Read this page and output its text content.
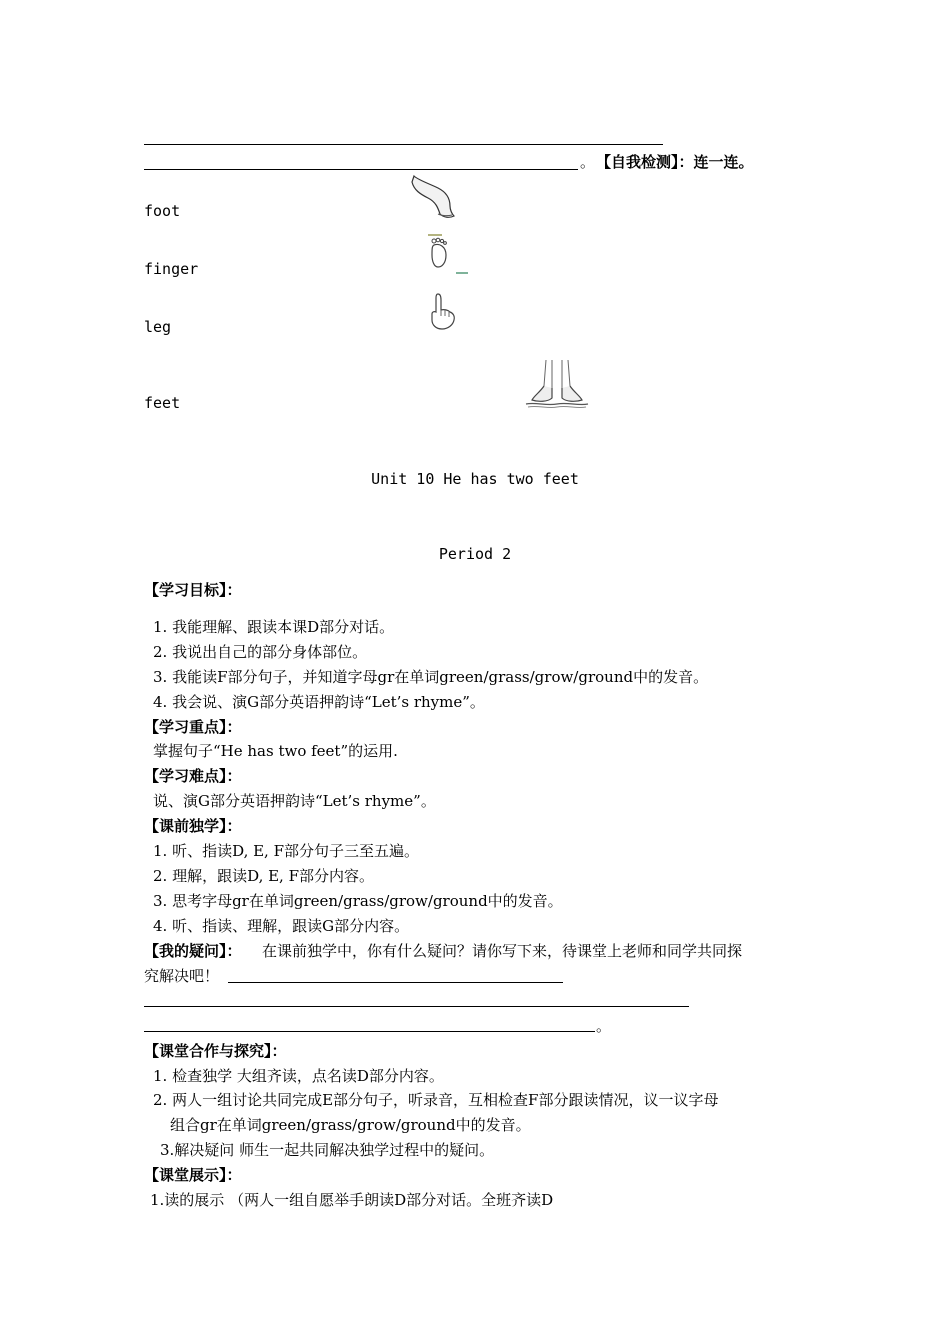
。 【自我检测】：连一连。
foot
finger
leg
feet
Unit 10 He has two feet
Period 2
【学习目标】：
1. 我能理解、跟读本课D部分对话。
2. 我说出自己的部分身体部位。
3. 我能读F部分句子，并知道字母gr在单词green/grass/grow/ground中的发音。
4. 我会说、演G部分英语押韵诗“Let’s rhyme”。
【学习重点】：
掌握句子“He has two feet”的运用.
【学习难点】：
说、演G部分英语押韵诗“Let’s rhyme”。
【课前独学】：
1. 听、指读D, E, F部分句子三至五遍。
2. 理解，跟读D, E, F部分内容。
3. 思考字母gr在单词green/grass/grow/ground中的发音。
4. 听、指读、理解，跟读G部分内容。
【我的疑问】： 在课前独学中，你有什么疑问？请你写下来，待课堂上老师和同学共同探
究解决吧！
。
【课堂合作与探究】：
1. 检查独学 大组齐读，点名读D部分内容。
2. 两人一组讨论共同完成E部分句子，听录音，互相检查F部分跟读情况，议一议字母
组合gr在单词green/grass/grow/ground中的发音。
3.解决疑问 师生一起共同解决独学过程中的疑问。
【课堂展示】：
1.读的展示 （两人一组自愿举手朗读D部分对话。全班齐读D
